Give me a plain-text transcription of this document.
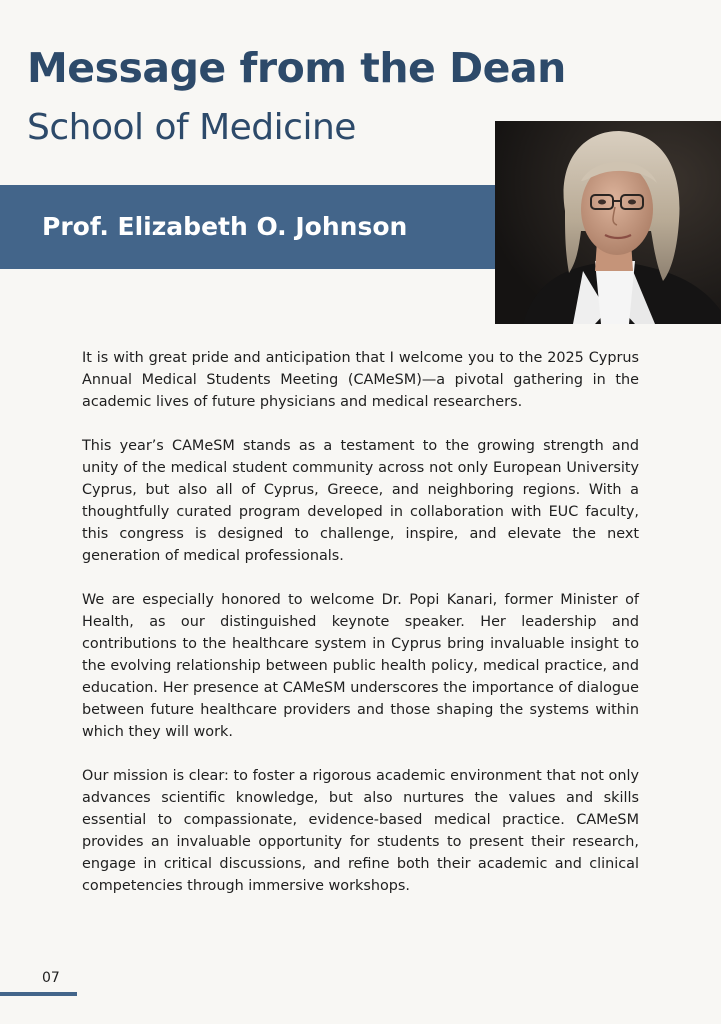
Message from the Dean
School of Medicine
Prof. Elizabeth O. Johnson

It is with great pride and anticipation that I welcome you to the 2025 Cyprus Annual Medical Students Meeting (CAMeSM)—a pivotal gathering in the academic lives of future physicians and medical researchers.

This year’s CAMeSM stands as a testament to the growing strength and unity of the medical student community across not only European University Cyprus, but also all of Cyprus, Greece, and neighboring regions. With a thoughtfully curated program developed in collaboration with EUC faculty, this congress is designed to challenge, inspire, and elevate the next generation of medical professionals.

We are especially honored to welcome Dr. Popi Kanari, former Minister of Health, as our distinguished keynote speaker. Her leadership and contributions to the healthcare system in Cyprus bring invaluable insight to the evolving relationship between public health policy, medical practice, and education. Her presence at CAMeSM underscores the importance of dialogue between future healthcare providers and those shaping the systems within which they will work.

Our mission is clear: to foster a rigorous academic environment that not only advances scientific knowledge, but also nurtures the values and skills essential to compassionate, evidence-based medical practice. CAMeSM provides an invaluable opportunity for students to present their research, engage in critical discussions, and refine both their academic and clinical competencies through immersive workshops.

07
